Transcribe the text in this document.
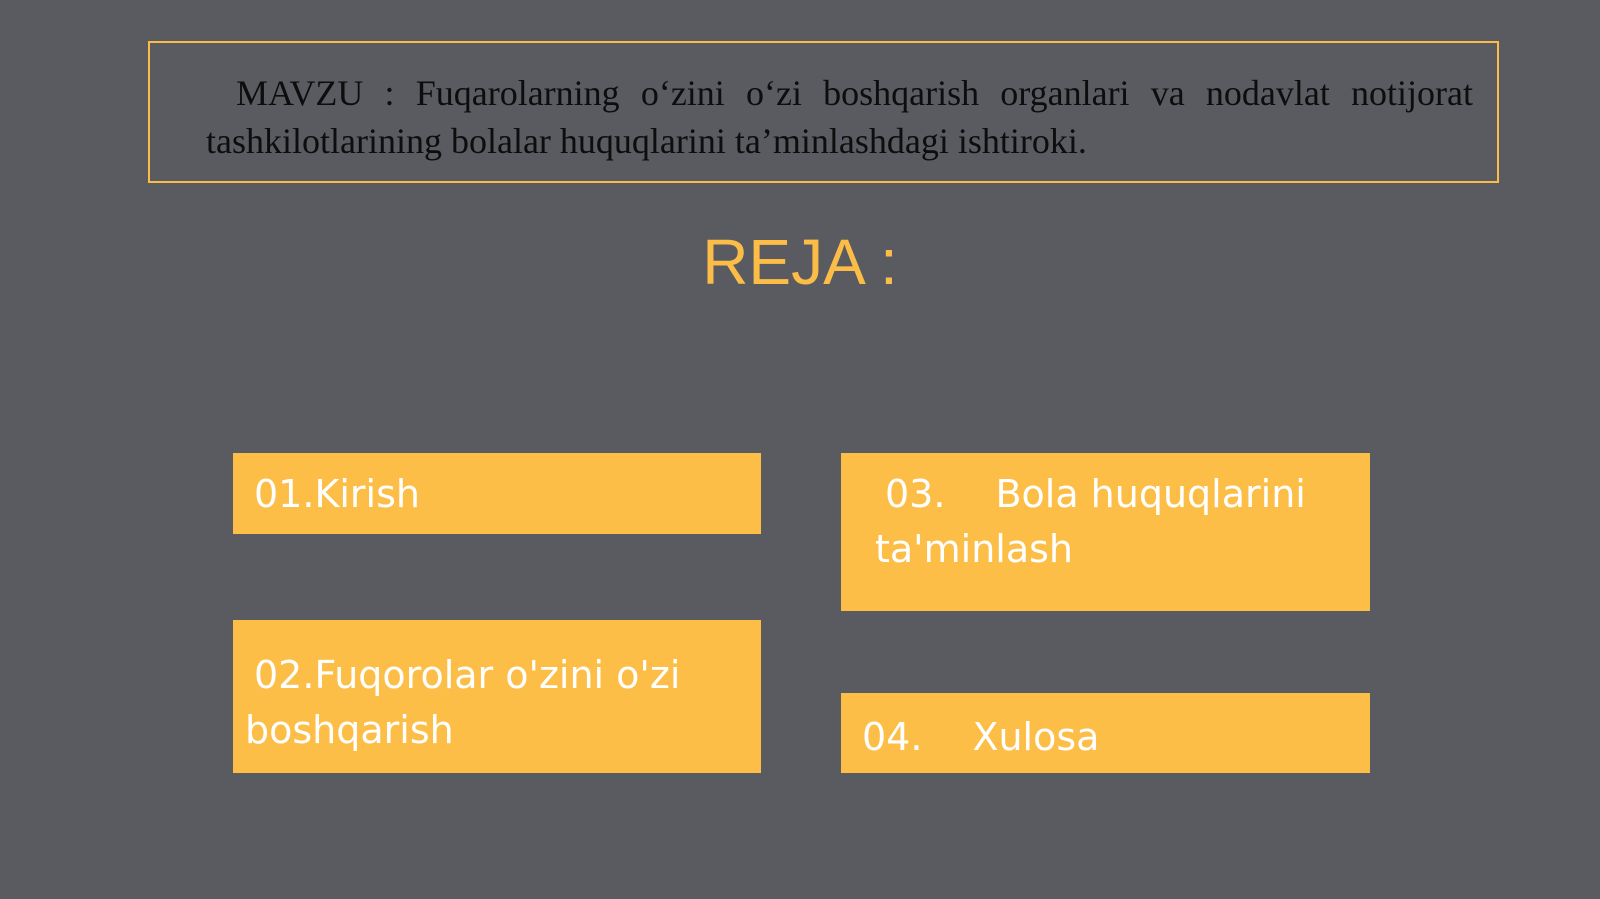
MAVZU : Fuqarolarning o‘zini o‘zi boshqarish organlari va nodavlat notijorat tashkilotlarining bolalar huquqlarini ta’minlashdagi ishtiroki.

REJA :
01.Kirish
02.Fuqorolar o'zini o'zi boshqarish
03. Bola huquqlarini
ta'minlash
04. Xulosa
